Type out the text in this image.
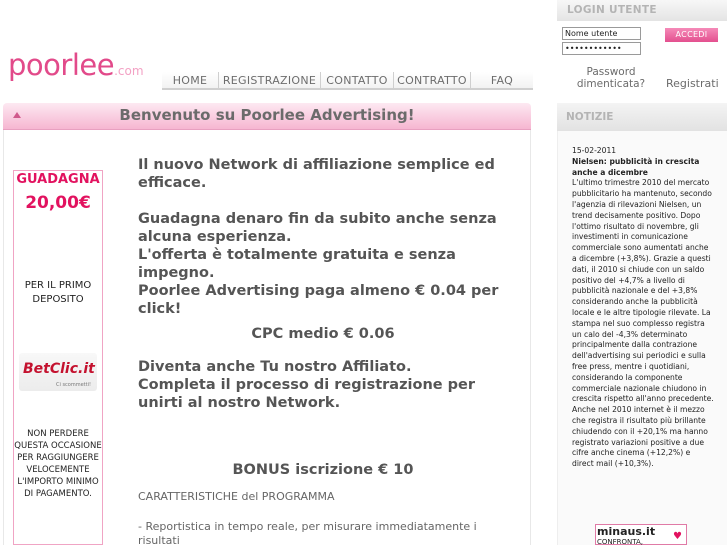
poorlee.com
HOME	REGISTRAZIONE CONTATTO CONTRATTO	FAQ
Benvenuto su Poorlee Advertising!
GUADAGNA
20,00€
PER IL PRIMO DEPOSITO
BetClic.it
Ci scommetti!
NON PERDERE QUESTA OCCASIONE PER RAGGIUNGERE VELOCEMENTE L'IMPORTO MINIMO DI PAGAMENTO.

Il nuovo Network di affiliazione semplice ed efficace.

Guadagna denaro fin da subito anche senza alcuna esperienza.

L'offerta è totalmente gratuita e senza impegno.

Poorlee Advertising paga almeno € 0.04 per click!

CPC medio € 0.06

Diventa anche Tu nostro Affiliato.

Completa il processo di registrazione per unirti al nostro Network.

BONUS iscrizione € 10

CARATTERISTICHE del PROGRAMMA

- Reportistica in tempo reale, per misurare immediatamente i risultati

LOGIN UTENTE
Nome utente
••••••••••••
ACCEDI
Password dimenticata?	Registrati
NOTIZIE
15-02-2011
Nielsen: pubblicità in crescita anche a dicembre
L'ultimo trimestre 2010 del mercato pubblicitario ha mantenuto, secondo l'agenzia di rilevazioni Nielsen, un trend decisamente positivo. Dopo l'ottimo risultato di novembre, gli investimenti in comunicazione commerciale sono aumentati anche a dicembre (+3,8%). Grazie a questi dati, il 2010 si chiude con un saldo positivo del +4,7% a livello di pubblicità nazionale e del +3,8% considerando anche la pubblicità locale e le altre tipologie rilevate. La stampa nel suo complesso registra un calo del -4,3% determinato principalmente dalla contrazione dell'advertising sui periodici e sulla free press, mentre i quotidiani, considerando la componente commerciale nazionale chiudono in crescita rispetto all'anno precedente. Anche nel 2010 internet è il mezzo che registra il risultato più brillante chiudendo con il +20,1% ma hanno registrato variazioni positive a due cifre anche cinema (+12,2%) e direct mail (+10,3%).
minaus.it
CONFRONTA,	♥
